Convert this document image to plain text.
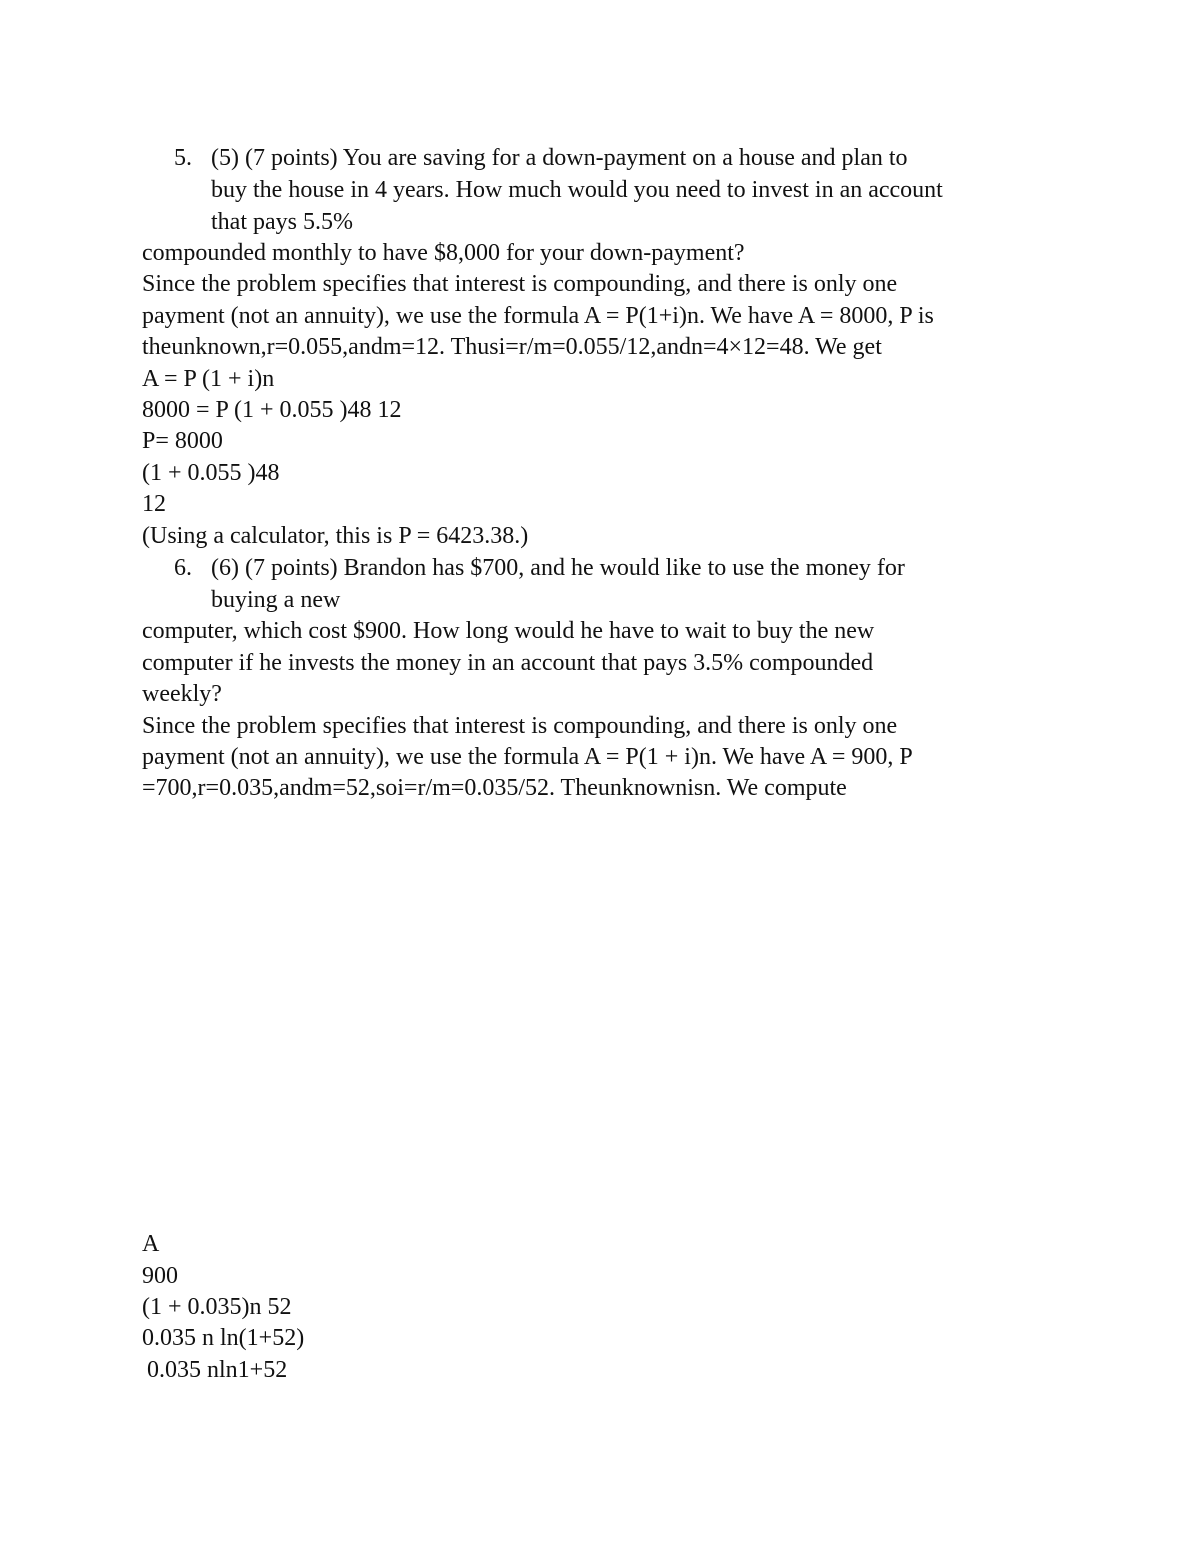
5. (5) (7 points) You are saving for a down-payment on a house and plan to
buy the house in 4 years. How much would you need to invest in an account
that pays 5.5%
compounded monthly to have $8,000 for your down-payment?
Since the problem specifies that interest is compounding, and there is only one
payment (not an annuity), we use the formula A = P(1+i)n. We have A = 8000, P is
theunknown,r=0.055,andm=12. Thusi=r/m=0.055/12,andn=4×12=48. We get
A = P (1 + i)n
8000 = P (1 + 0.055 )48 12
P= 8000
(1 + 0.055 )48
12
(Using a calculator, this is P = 6423.38.)
6. (6) (7 points) Brandon has $700, and he would like to use the money for
buying a new
computer, which cost $900. How long would he have to wait to buy the new
computer if he invests the money in an account that pays 3.5% compounded
weekly?
Since the problem specifies that interest is compounding, and there is only one
payment (not an annuity), we use the formula A = P(1 + i)n. We have A = 900, P
=700,r=0.035,andm=52,soi=r/m=0.035/52. Theunknownisn. We compute
A
900
(1 + 0.035)n 52
0.035 n ln(1+52)
0.035 nln1+52
